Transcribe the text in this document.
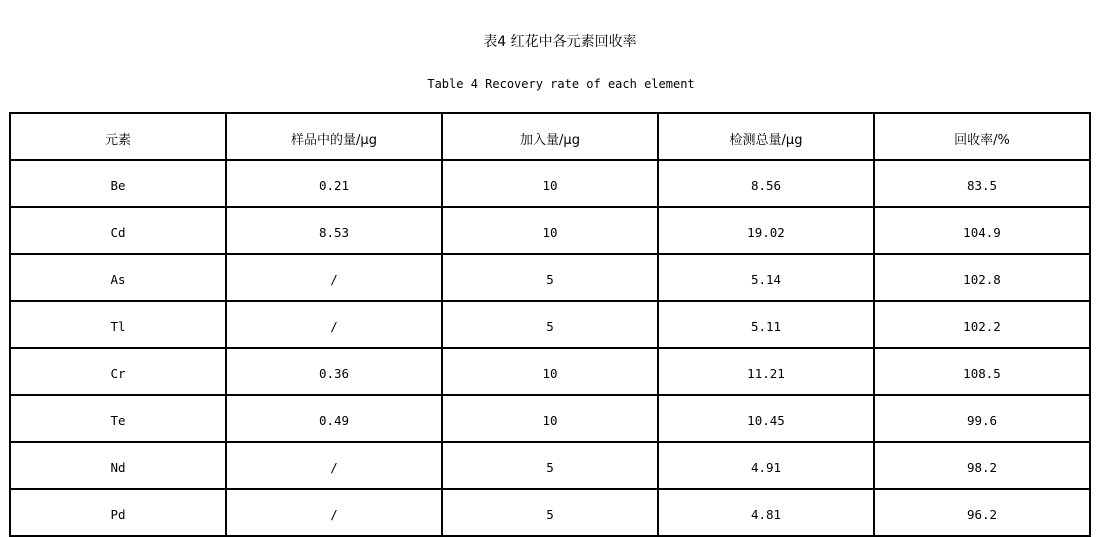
表4 红花中各元素回收率
Table 4 Recovery rate of each element
元素	样品中的量/μg	加入量/μg	检测总量/μg	回收率/%
Be	0.21	10	8.56	83.5
Cd	8.53	10	19.02	104.9
As	/	5	5.14	102.8
Tl	/	5	5.11	102.2
Cr	0.36	10	11.21	108.5
Te	0.49	10	10.45	99.6
Nd	/	5	4.91	98.2
Pd	/	5	4.81	96.2
